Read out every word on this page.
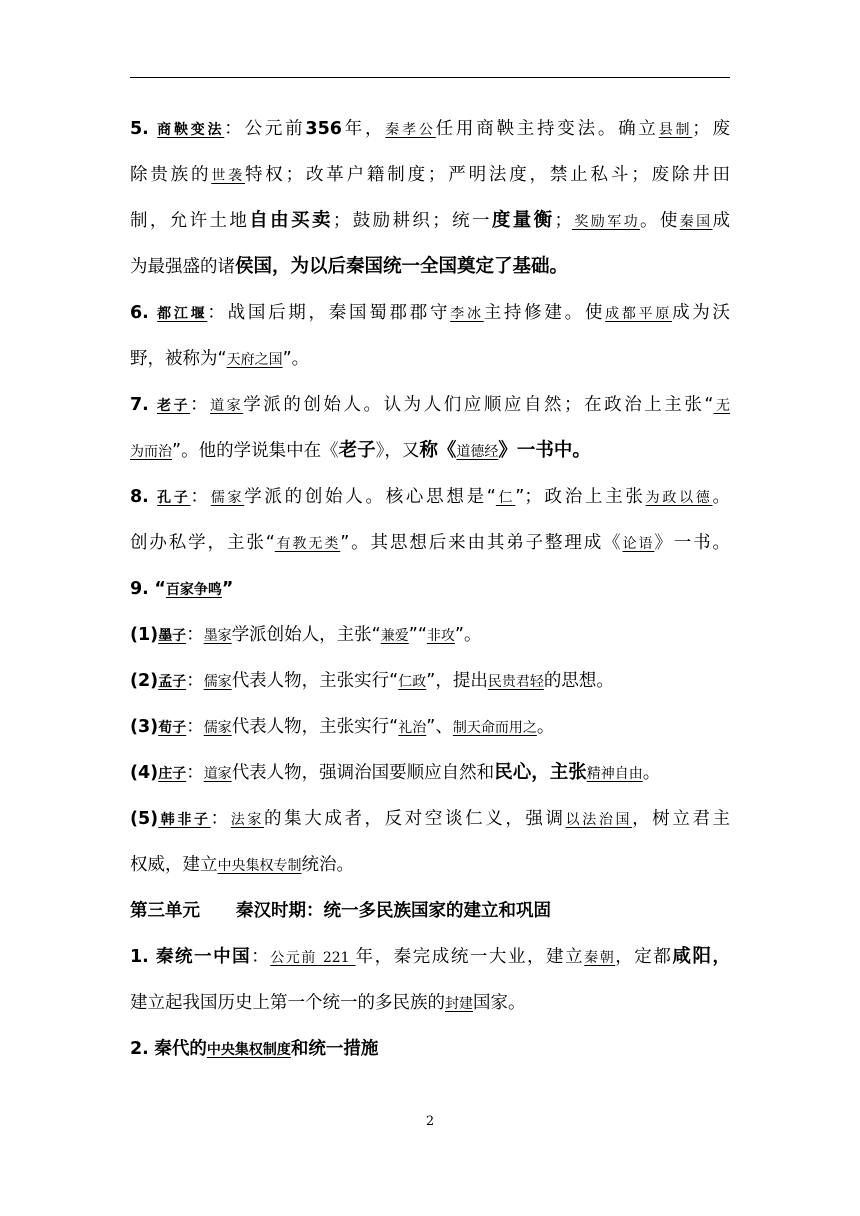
5. 商鞅变法：公元前356年，秦孝公任用商鞅主持变法。确立县制；废
除贵族的世袭特权；改革户籍制度；严明法度，禁止私斗；废除井田
制，允许土地自由买卖；鼓励耕织；统一度量衡；奖励军功。使秦国成
为最强盛的诸侯国，为以后秦国统一全国奠定了基础。
6. 都江堰：战国后期，秦国蜀郡郡守李冰主持修建。使成都平原成为沃
野，被称为“天府之国”。
7. 老子：道家学派的创始人。认为人们应顺应自然；在政治上主张“无
为而治”。他的学说集中在《老子》，又称《道德经》一书中。
8. 孔子：儒家学派的创始人。核心思想是“仁”；政治上主张为政以德。
创办私学，主张“有教无类”。其思想后来由其弟子整理成《论语》一书。
9. “百家争鸣”
(1)墨子：墨家学派创始人，主张“兼爱”“非攻”。
(2)孟子：儒家代表人物，主张实行“仁政”，提出民贵君轻的思想。
(3)荀子：儒家代表人物，主张实行“礼治”、制天命而用之。
(4)庄子：道家代表人物，强调治国要顺应自然和民心，主张精神自由。
(5)韩非子：法家的集大成者，反对空谈仁义，强调以法治国，树立君主
权威，建立中央集权专制统治。
第三单元 秦汉时期：统一多民族国家的建立和巩固
1. 秦统一中国：公元前 221 年，秦完成统一大业，建立秦朝，定都咸阳，
建立起我国历史上第一个统一的多民族的封建国家。
2. 秦代的中央集权制度和统一措施
2
